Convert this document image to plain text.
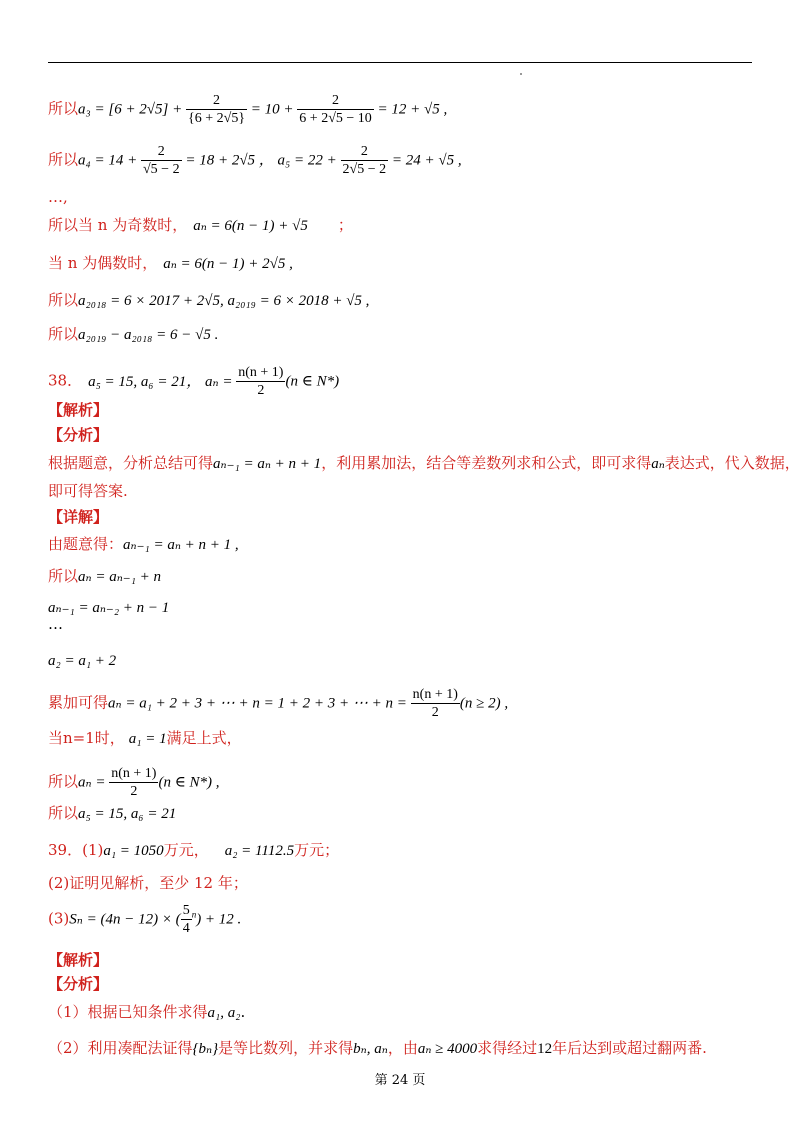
所以$a_3 = [6 + 2√5] + \frac{2}{\{6 + 2√5\}} = 10 + \frac{2}{6 + 2√5 - 10} = 12 + √5$ ,
所以$a_4 = 14 + \frac{2}{√5 - 2} = 18 + 2√5$ ， $a_5 = 22 + \frac{2}{2√5 - 2} = 24 + √5$ ,
…,
所以当 n 为奇数时， aₙ = 6(n − 1) + √5 ；
当 n 为偶数时， aₙ = 6(n − 1) + 2√5 ,
所以a₂₀₁₈ = 6 × 2017 + 2√5, a₂₀₁₉ = 6 × 2018 + √5 ,
所以a₂₀₁₉ − a₂₀₁₈ = 6 − √5 .
38． a₅ = 15, a₆ = 21， $a_n = \frac{n(n + 1)}{2} (n$ ∈ N*)
【解析】
【分析】
根据题意，分析总结可得aₙ₋₁ = aₙ + n + 1，利用累加法，结合等差数列求和公式，即可求得aₙ表达式，代入数据，
即可得答案.
【详解】
由题意得：aₙ₋₁ = aₙ + n + 1 ,
所以aₙ = aₙ₋₁ + n
aₙ₋₁ = aₙ₋₂ + n − 1
…
a₂ = a₁ + 2
累加可得aₙ = a₁ + 2 + 3 + ⋯ + n = 1 + 2 + 3 + ⋯ + $n = \frac{n(n + 1)}{2} (n \ge 2)$ ,
当n=1时， a₁ = 1满足上式，
所以$a_n = \frac{n(n + 1)}{2} (n$ ∈ N*) ,
所以a₅ = 15, a₆ = 21
39．(1)a₁ = 1050万元， a₂ = 1112.5万元；
(2)证明见解析，至少 12 年；
(3)Sₙ = (4n − 12) × ( $\frac{5}{4} ^n) + 12$ .
【解析】
【分析】
（1）根据已知条件求得a₁, a₂.
（2）利用凑配法证得{bₙ}是等比数列，并求得bₙ, aₙ，由aₙ ≥ 4000求得经过12年后达到或超过翻两番.
第 24 页
